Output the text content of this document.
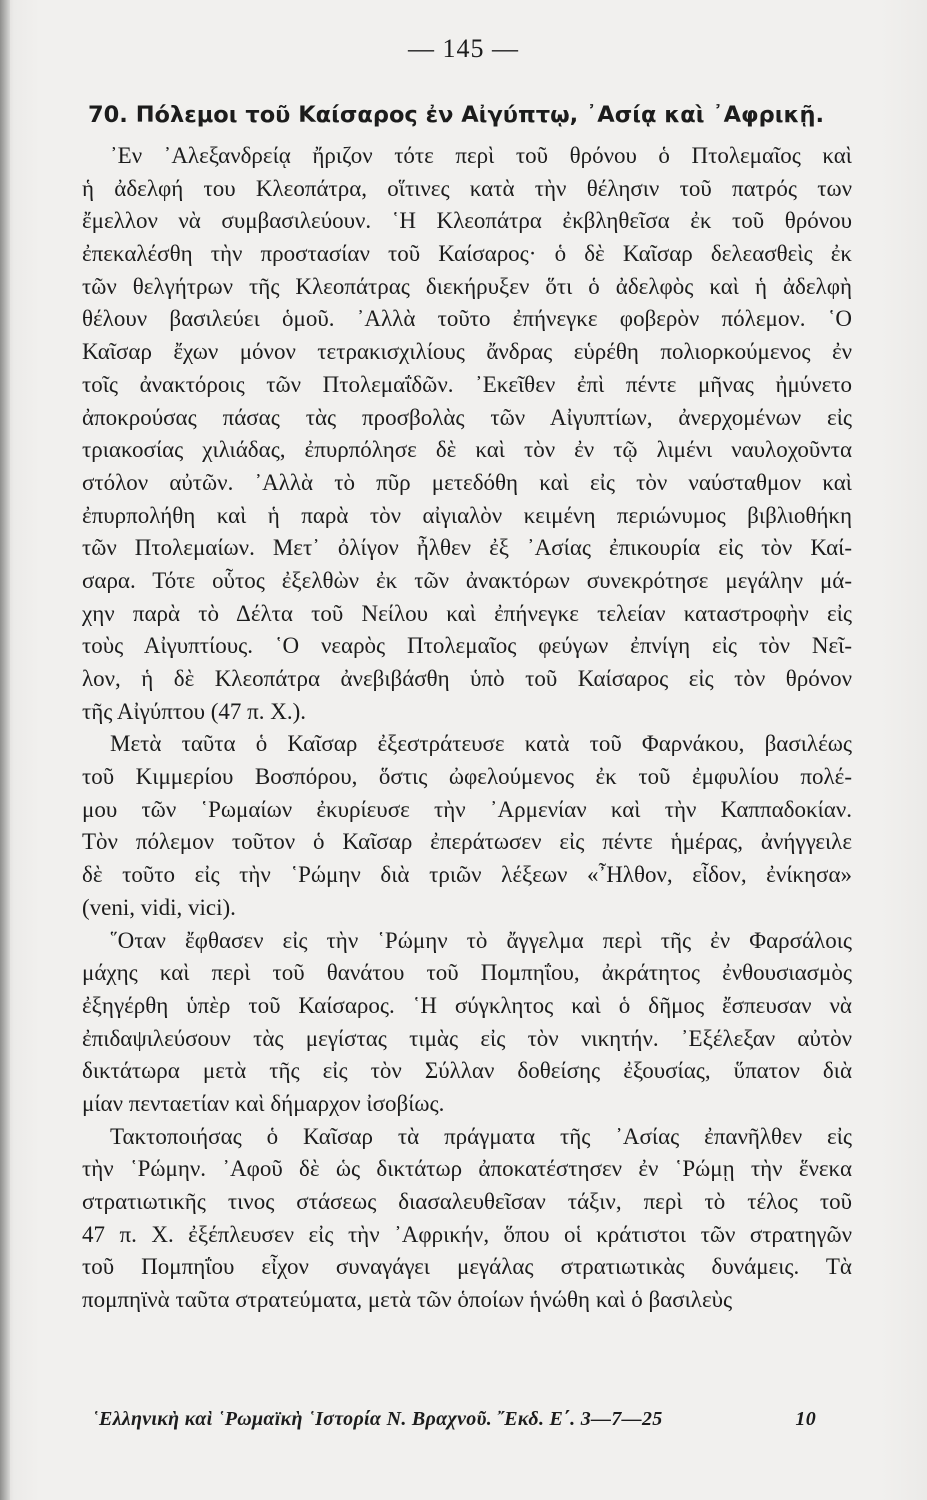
— 145 —
70. Πόλεμοι τοῦ Καίσαρος ἐν Αἰγύπτῳ, ᾿Ασίᾳ καὶ ᾿Αφρικῇ.
᾿Εν ᾿Αλεξανδρείᾳ ἤριζον τότε περὶ τοῦ θρόνου ὁ Πτολεμαῖος καὶ
ἡ ἀδελφή του Κλεοπάτρα, οἵτινες κατὰ τὴν θέλησιν τοῦ πατρός των
ἔμελλον νὰ συμβασιλεύουν. ῾Η Κλεοπάτρα ἐκβληθεῖσα ἐκ τοῦ θρόνου
ἐπεκαλέσθη τὴν προστασίαν τοῦ Καίσαρος· ὁ δὲ Καῖσαρ δελεασθεὶς ἐκ
τῶν θελγήτρων τῆς Κλεοπάτρας διεκήρυξεν ὅτι ὁ ἀδελφὸς καὶ ἡ ἀδελφὴ
θέλουν βασιλεύει ὁμοῦ. ᾿Αλλὰ τοῦτο ἐπήνεγκε φοβερὸν πόλεμον. ῾Ο
Καῖσαρ ἔχων μόνον τετρακισχιλίους ἄνδρας εὑρέθη πολιορκούμενος ἐν
τοῖς ἀνακτόροις τῶν Πτολεμαΐδῶν. ᾿Εκεῖθεν ἐπὶ πέντε μῆνας ἠμύνετο
ἀποκρούσας πάσας τὰς προσβολὰς τῶν Αἰγυπτίων, ἀνερχομένων εἰς
τριακοσίας χιλιάδας, ἐπυρπόλησε δὲ καὶ τὸν ἐν τῷ λιμένι ναυλοχοῦντα
στόλον αὐτῶν. ᾿Αλλὰ τὸ πῦρ μετεδόθη καὶ εἰς τὸν ναύσταθμον καὶ
ἐπυρπολήθη καὶ ἡ παρὰ τὸν αἰγιαλὸν κειμένη περιώνυμος βιβλιοθήκη
τῶν Πτολεμαίων. Μετ᾿ ὀλίγον ἦλθεν ἐξ ᾿Ασίας ἐπικουρία εἰς τὸν Καί-
σαρα. Τότε οὗτος ἐξελθὼν ἐκ τῶν ἀνακτόρων συνεκρότησε μεγάλην μά-
χην παρὰ τὸ Δέλτα τοῦ Νείλου καὶ ἐπήνεγκε τελείαν καταστροφὴν εἰς
τοὺς Αἰγυπτίους. ῾Ο νεαρὸς Πτολεμαῖος φεύγων ἐπνίγη εἰς τὸν Νεῖ-
λον, ἡ δὲ Κλεοπάτρα ἀνεβιβάσθη ὑπὸ τοῦ Καίσαρος εἰς τὸν θρόνον
τῆς Αἰγύπτου (47 π. Χ.).
Μετὰ ταῦτα ὁ Καῖσαρ ἐξεστράτευσε κατὰ τοῦ Φαρνάκου, βασιλέως
τοῦ Κιμμερίου Βοσπόρου, ὅστις ὠφελούμενος ἐκ τοῦ ἐμφυλίου πολέ-
μου τῶν ῾Ρωμαίων ἐκυρίευσε τὴν ᾿Αρμενίαν καὶ τὴν Καππαδοκίαν.
Τὸν πόλεμον τοῦτον ὁ Καῖσαρ ἐπεράτωσεν εἰς πέντε ἡμέρας, ἀνήγγειλε
δὲ τοῦτο εἰς τὴν ῾Ρώμην διὰ τριῶν λέξεων «῏Ηλθον, εἶδον, ἐνίκησα»
(veni, vidi, vici).
῞Οταν ἔφθασεν εἰς τὴν ῾Ρώμην τὸ ἄγγελμα περὶ τῆς ἐν Φαρσάλοις
μάχης καὶ περὶ τοῦ θανάτου τοῦ Πομπηΐου, ἀκράτητος ἐνθουσιασμὸς
ἐξηγέρθη ὑπὲρ τοῦ Καίσαρος. ῾Η σύγκλητος καὶ ὁ δῆμος ἔσπευσαν νὰ
ἐπιδαψιλεύσουν τὰς μεγίστας τιμὰς εἰς τὸν νικητήν. ᾿Εξέλεξαν αὐτὸν
δικτάτωρα μετὰ τῆς εἰς τὸν Σύλλαν δοθείσης ἐξουσίας, ὕπατον διὰ
μίαν πενταετίαν καὶ δήμαρχον ἰσοβίως.
Τακτοποιήσας ὁ Καῖσαρ τὰ πράγματα τῆς ᾿Ασίας ἐπανῆλθεν εἰς
τὴν ῾Ρώμην. ᾿Αφοῦ δὲ ὡς δικτάτωρ ἀποκατέστησεν ἐν ῾Ρώμῃ τὴν ἕνεκα
στρατιωτικῆς τινος στάσεως διασαλευθεῖσαν τάξιν, περὶ τὸ τέλος τοῦ
47 π. Χ. ἐξέπλευσεν εἰς τὴν ᾿Αφρικήν, ὅπου οἱ κράτιστοι τῶν στρατηγῶν
τοῦ Πομπηΐου εἶχον συναγάγει μεγάλας στρατιωτικὰς δυνάμεις. Τὰ
πομπηϊνὰ ταῦτα στρατεύματα, μετὰ τῶν ὁποίων ἡνώθη καὶ ὁ βασιλεὺς
῾Ελληνικὴ καὶ ῾Ρωμαϊκὴ ῾Ιστορία Ν. Βραχνοῦ. ῎Εκδ. Ε΄. 3—7—25	10
